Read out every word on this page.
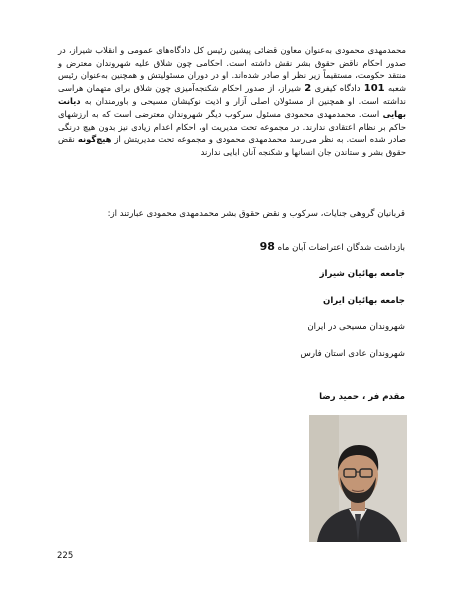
محمدمهدی محمودی به‌عنوان معاون قضائی پیشین رئیس کل دادگاه‌های عمومی و انقلاب شیراز، در صدور احکام ناقض حقوق بشر نقش داشته است. احکامی چون شلاق علیه شهروندان معترض و منتقد حکومت، مستقیماً زیر نظر او صادر شده‌اند. او در دوران مسئولیتش و همچنین به‌عنوان رئیس شعبه 101 دادگاه کیفری 2 شیراز، از صدور احکام شکنجه‌آمیزی چون شلاق برای متهمان هراسی نداشته است. او همچنین از مسئولان اصلی آزار و اذیت نوکیشان مسیحی و باورمندان به دیانت بهایی است. محمدمهدی محمودی مسئول سرکوب دیگر شهروندان معترضی است که به ارزشهای حاکم بر نظام اعتقادی ندارند. در مجموعه تحت مدیریت او، احکام اعدام زیادی نیز بدون هیچ درنگی صادر شده است. به نظر می‌رسد محمدمهدی محمودی و مجموعه تحت مدیریتش از هیچ‌گونه نقض حقوق بشر و ستاندن جان انسانها و شکنجه آنان ابایی ندارند
قربانیان گروهی جنایات، سرکوب و نقض حقوق بشر محمدمهدی محمودی عبارتند از:
بازداشت شدگان اعتراضات آبان ماه 98
جامعه بهائیان شیراز
جامعه بهائیان ایران
شهروندان مسیحی در ایران
شهروندان عادی استان فارس
مقدم فر ، حمید رضا
225
